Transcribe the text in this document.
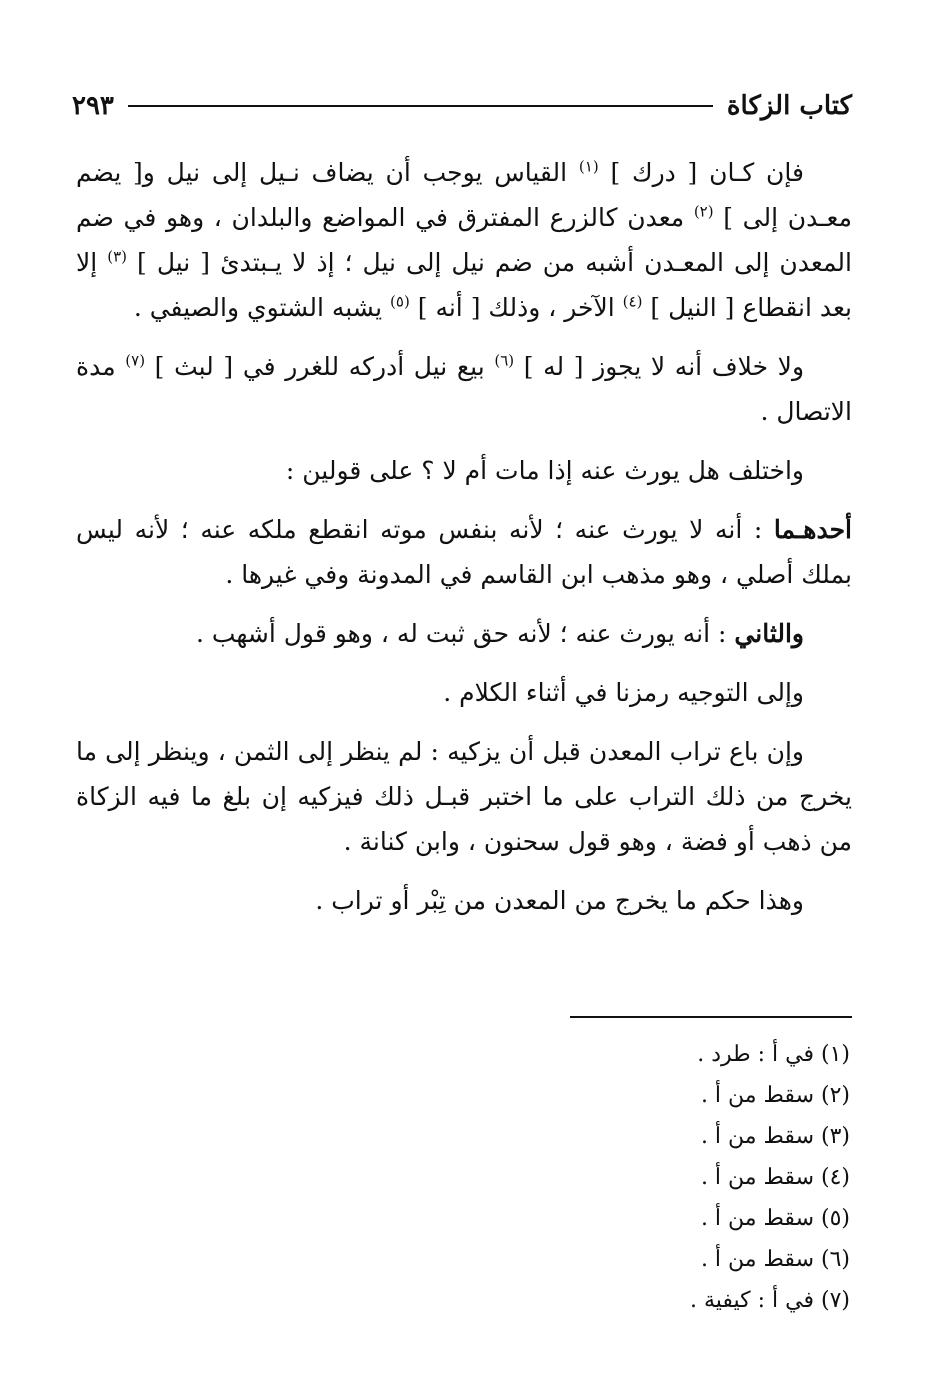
كتاب الزكاة
٢٩٣

فإن كـان [ درك ] $^{(١)}$ القياس يوجب أن يضاف نـيل إلى نيل و[ يضم معـدن إلى ] $^{(٢)}$ معدن كالزرع المفترق في المواضع والبلدان ، وهو في ضم المعدن إلى المعـدن أشبه من ضم نيل إلى نيل ؛ إذ لا يـبتدئ [ نيل ] $^{(٣)}$ إلا بعد انقطاع [ النيل ] $^{(٤)}$ الآخر ، وذلك [ أنه ] $^{(٥)}$ يشبه الشتوي والصيفي .

ولا خلاف أنه لا يجوز [ له ] $^{(٦)}$ بيع نيل أدركه للغرر في [ لبث ] $^{(٧)}$ مدة الاتصال .

واختلف هل يورث عنه إذا مات أم لا ؟ على قولين :

أحدهـما : أنه لا يورث عنه ؛ لأنه بنفس موته انقطع ملكه عنه ؛ لأنه ليس بملك أصلي ، وهو مذهب ابن القاسم في المدونة وفي غيرها .

والثاني : أنه يورث عنه ؛ لأنه حق ثبت له ، وهو قول أشهب .

وإلى التوجيه رمزنا في أثناء الكلام .

وإن باع تراب المعدن قبل أن يزكيه : لم ينظر إلى الثمن ، وينظر إلى ما يخرج من ذلك التراب على ما اختبر قبـل ذلك فيزكيه إن بلغ ما فيه الزكاة من ذهب أو فضة ، وهو قول سحنون ، وابن كنانة .

وهذا حكم ما يخرج من المعدن من تِبْر أو تراب .

(١) في أ : طرد .
(٢) سقط من أ .
(٣) سقط من أ .
(٤) سقط من أ .
(٥) سقط من أ .
(٦) سقط من أ .
(٧) في أ : كيفية .
